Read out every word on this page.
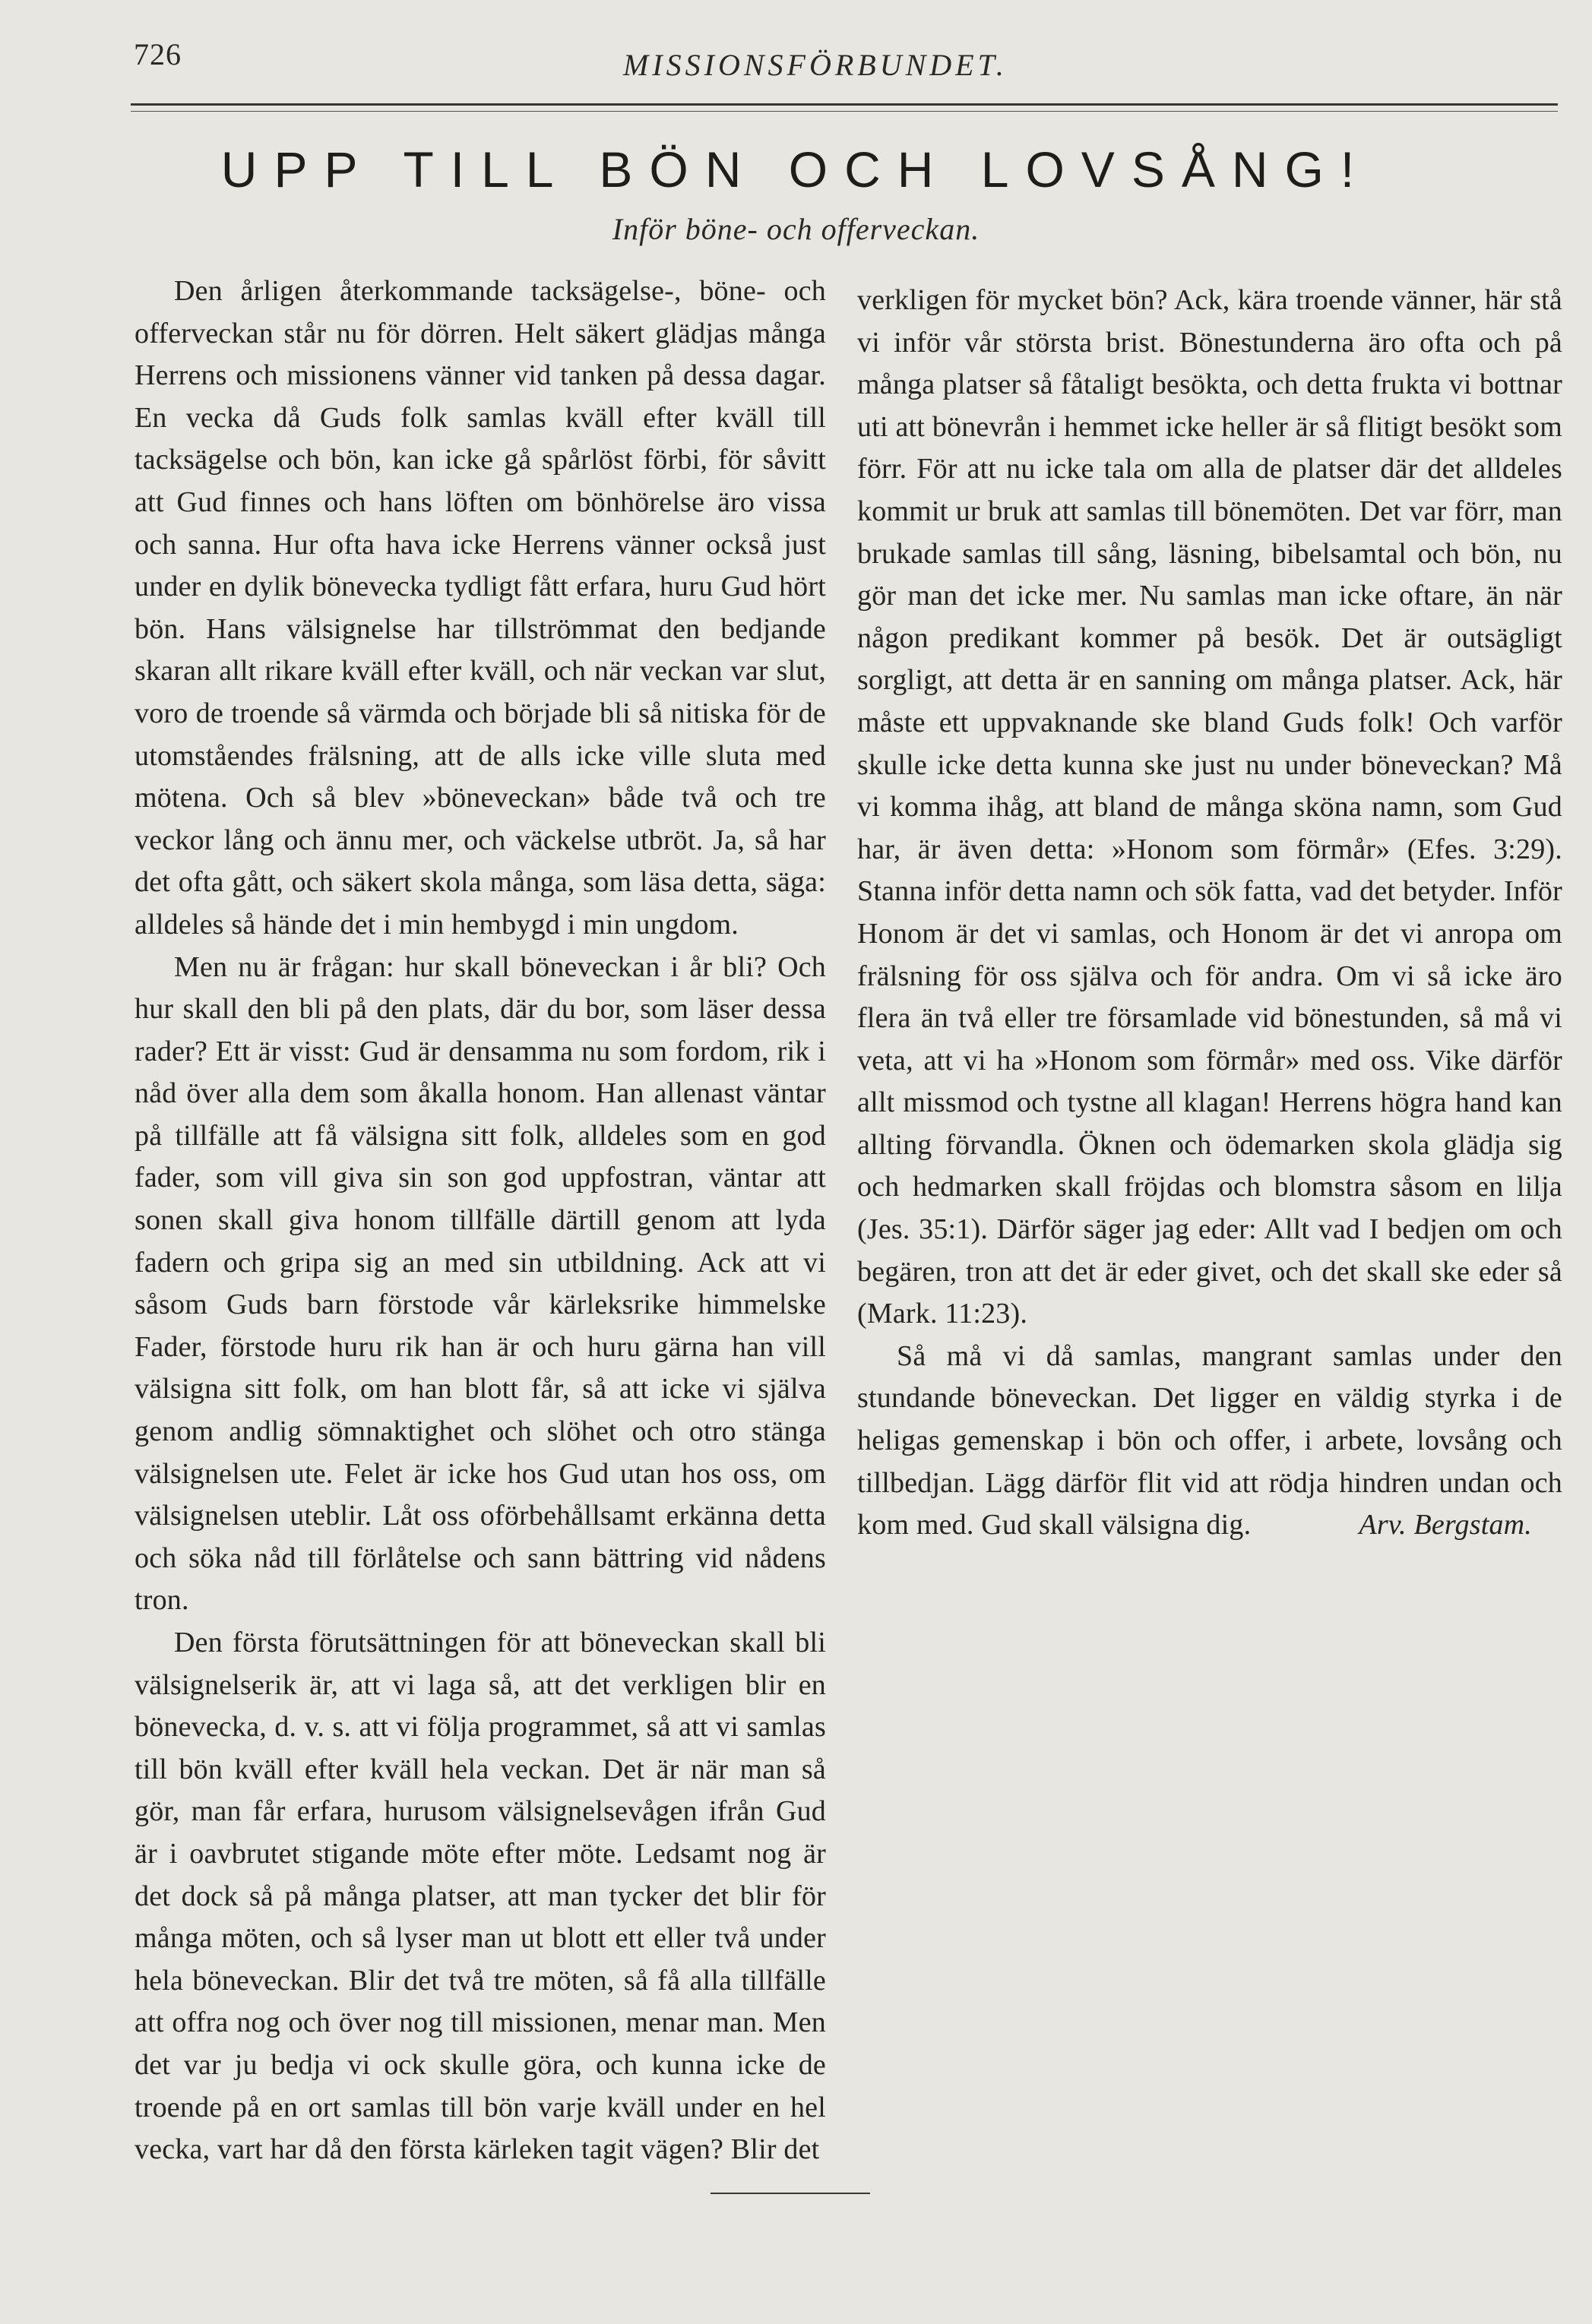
726	MISSIONSFÖRBUNDET.
UPP TILL BÖN OCH LOVSÅNG!
Inför böne- och offerveckan.

Den årligen återkommande tacksägelse-, böne- och offerveckan står nu för dörren. Helt säkert glädjas många Herrens och missionens vänner vid tanken på dessa dagar. En vecka då Guds folk samlas kväll efter kväll till tacksägelse och bön, kan icke gå spårlöst förbi, för såvitt att Gud finnes och hans löften om bönhörelse äro vissa och sanna. Hur ofta hava icke Herrens vänner också just under en dylik bönevecka tydligt fått erfara, huru Gud hört bön. Hans välsignelse har tillströmmat den bedjande skaran allt rikare kväll efter kväll, och när veckan var slut, voro de troende så värmda och började bli så nitiska för de utomståendes frälsning, att de alls icke ville sluta med mötena. Och så blev »böneveckan» både två och tre veckor lång och ännu mer, och väckelse utbröt. Ja, så har det ofta gått, och säkert skola många, som läsa detta, säga: alldeles så hände det i min hembygd i min ungdom.

Men nu är frågan: hur skall böneveckan i år bli? Och hur skall den bli på den plats, där du bor, som läser dessa rader? Ett är visst: Gud är densamma nu som fordom, rik i nåd över alla dem som åkalla honom. Han allenast väntar på tillfälle att få välsigna sitt folk, alldeles som en god fader, som vill giva sin son god uppfostran, väntar att sonen skall giva honom tillfälle därtill genom att lyda fadern och gripa sig an med sin utbildning. Ack att vi såsom Guds barn förstode vår kärleksrike himmelske Fader, förstode huru rik han är och huru gärna han vill välsigna sitt folk, om han blott får, så att icke vi själva genom andlig sömnaktighet och slöhet och otro stänga välsignelsen ute. Felet är icke hos Gud utan hos oss, om välsignelsen uteblir. Låt oss oförbehållsamt erkänna detta och söka nåd till förlåtelse och sann bättring vid nådens tron.

Den första förutsättningen för att böneveckan skall bli välsignelserik är, att vi laga så, att det verkligen blir en bönevecka, d. v. s. att vi följa programmet, så att vi samlas till bön kväll efter kväll hela veckan. Det är när man så gör, man får erfara, hurusom välsignelsevågen ifrån Gud är i oavbrutet stigande möte efter möte. Ledsamt nog är det dock så på många platser, att man tycker det blir för många möten, och så lyser man ut blott ett eller två under hela böneveckan. Blir det två tre möten, så få alla tillfälle att offra nog och över nog till missionen, menar man. Men det var ju bedja vi ock skulle göra, och kunna icke de troende på en ort samlas till bön varje kväll under en hel vecka, vart har då den första kärleken tagit vägen? Blir det

verkligen för mycket bön? Ack, kära troende vänner, här stå vi inför vår största brist. Bönestunderna äro ofta och på många platser så fåtaligt besökta, och detta frukta vi bottnar uti att bönevrån i hemmet icke heller är så flitigt besökt som förr. För att nu icke tala om alla de platser där det alldeles kommit ur bruk att samlas till bönemöten. Det var förr, man brukade samlas till sång, läsning, bibelsamtal och bön, nu gör man det icke mer. Nu samlas man icke oftare, än när någon predikant kommer på besök. Det är outsägligt sorgligt, att detta är en sanning om många platser. Ack, här måste ett uppvaknande ske bland Guds folk! Och varför skulle icke detta kunna ske just nu under böneveckan? Må vi komma ihåg, att bland de många sköna namn, som Gud har, är även detta: »Honom som förmår» (Efes. 3:29). Stanna inför detta namn och sök fatta, vad det betyder. Inför Honom är det vi samlas, och Honom är det vi anropa om frälsning för oss själva och för andra. Om vi så icke äro flera än två eller tre församlade vid bönestunden, så må vi veta, att vi ha »Honom som förmår» med oss. Vike därför allt missmod och tystne all klagan! Herrens högra hand kan allting förvandla. Öknen och ödemarken skola glädja sig och hedmarken skall fröjdas och blomstra såsom en lilja (Jes. 35:1). Därför säger jag eder: Allt vad I bedjen om och begären, tron att det är eder givet, och det skall ske eder så (Mark. 11:23).

Så må vi då samlas, mangrant samlas under den stundande böneveckan. Det ligger en väldig styrka i de heligas gemenskap i bön och offer, i arbete, lovsång och tillbedjan. Lägg därför flit vid att rödja hindren undan och kom med. Gud skall välsigna dig.	Arv. Bergstam.
